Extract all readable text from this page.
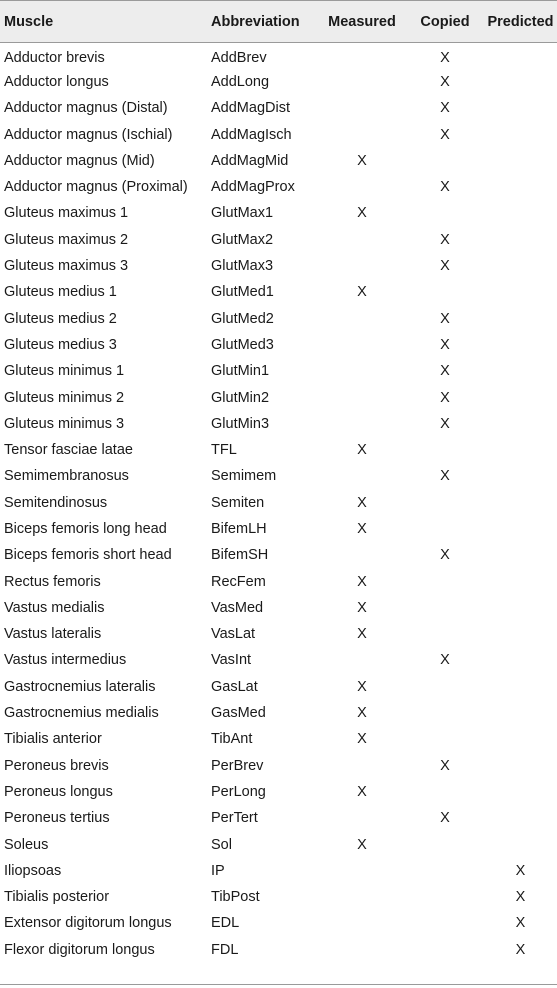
Muscle	Abbreviation	Measured	Copied	Predicted
Adductor brevis	AddBrev		X	
Adductor longus	AddLong		X	
Adductor magnus (Distal)	AddMagDist		X	
Adductor magnus (Ischial)	AddMagIsch		X	
Adductor magnus (Mid)	AddMagMid	X		
Adductor magnus (Proximal)	AddMagProx		X	
Gluteus maximus 1	GlutMax1	X		
Gluteus maximus 2	GlutMax2		X	
Gluteus maximus 3	GlutMax3		X	
Gluteus medius 1	GlutMed1	X		
Gluteus medius 2	GlutMed2		X	
Gluteus medius 3	GlutMed3		X	
Gluteus minimus 1	GlutMin1		X	
Gluteus minimus 2	GlutMin2		X	
Gluteus minimus 3	GlutMin3		X	
Tensor fasciae latae	TFL	X		
Semimembranosus	Semimem		X	
Semitendinosus	Semiten	X		
Biceps femoris long head	BifemLH	X		
Biceps femoris short head	BifemSH		X	
Rectus femoris	RecFem	X		
Vastus medialis	VasMed	X		
Vastus lateralis	VasLat	X		
Vastus intermedius	VasInt		X	
Gastrocnemius lateralis	GasLat	X		
Gastrocnemius medialis	GasMed	X		
Tibialis anterior	TibAnt	X		
Peroneus brevis	PerBrev		X	
Peroneus longus	PerLong	X		
Peroneus tertius	PerTert		X	
Soleus	Sol	X		
Iliopsoas	IP			X
Tibialis posterior	TibPost			X
Extensor digitorum longus	EDL			X
Flexor digitorum longus	FDL			X
